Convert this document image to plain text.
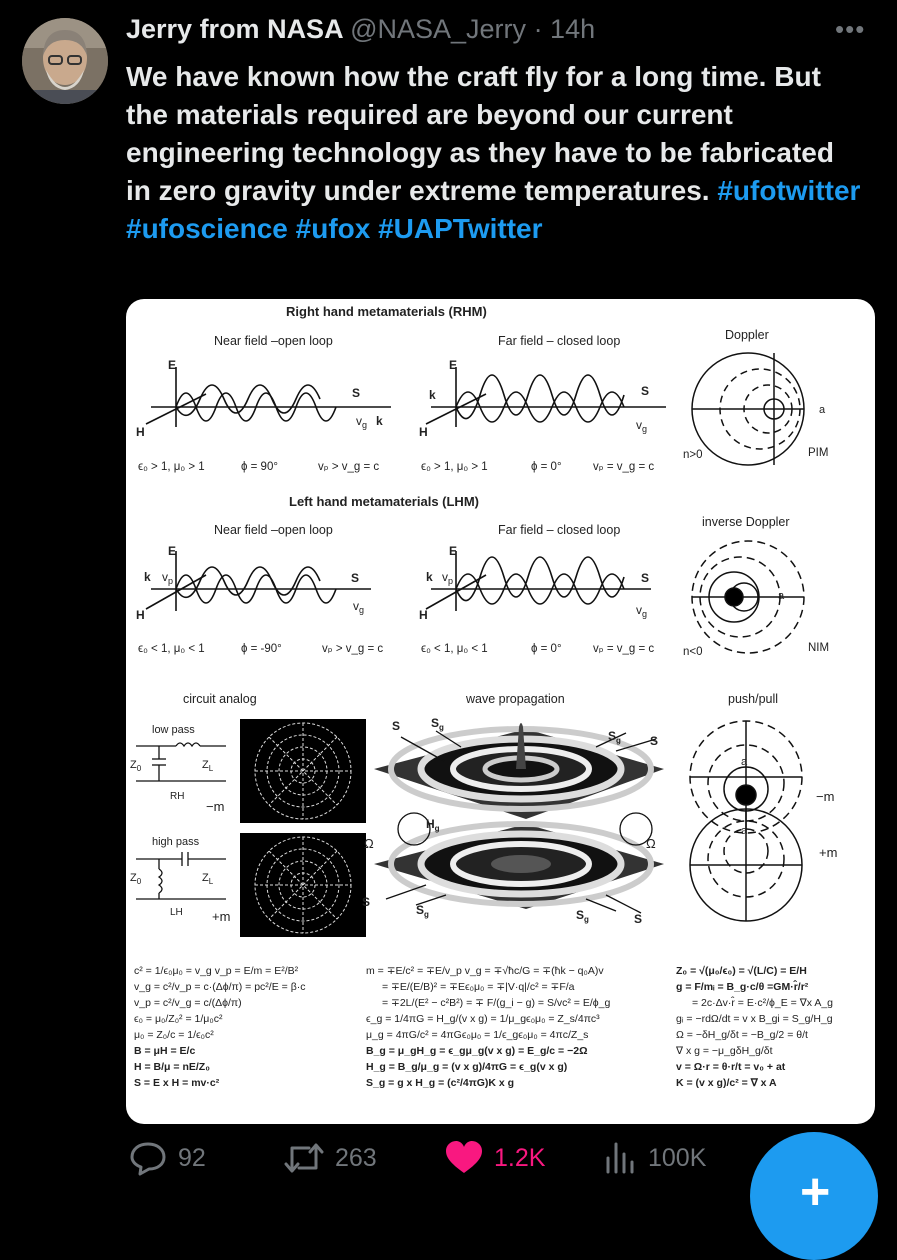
Jerry from NASA @NASA_Jerry · 14h	•••
We have known how the craft fly for a long time. But the materials required are beyond our current engineering technology as they have to be fabricated in zero gravity under extreme temperatures. #ufotwitter #ufoscience #ufox #UAPTwitter
Right hand metamaterials (RHM)
Near field –open loop
E
H
S
$v_g$ k
ϵ₀ > 1, μ₀ > 1	ϕ = 90°	vₚ > v_g = c
Far field – closed loop
E
k
H
S
$v_g$
ϵ₀ > 1, μ₀ > 1	ϕ = 0°	vₚ = v_g = c
Doppler
a
n>0	PIM
Left hand metamaterials (LHM)
Near field –open loop
E
k $v_p$
H
S
$v_g$
ϵ₀ < 1, μ₀ < 1	ϕ = -90°	vₚ > v_g = c
Far field – closed loop
E
k $v_p$
H
S
$v_g$
ϵ₀ < 1, μ₀ < 1	ϕ = 0°	vₚ = v_g = c
inverse Doppler
a
n<0	NIM
circuit analog
low pass
$Z_0$	$Z_L$
RH
−m
high pass
$Z_0$	$Z_L$
LH +m
wave propagation
S	$S_g$
$S_g$ S
$H_g$
Ω	Ω
S
$S_g$	$S_g$	S
push/pull
a
a
−m
+m
c² = 1/ϵ₀μ₀ = v_g v_p = E/m = E²/B²
v_g = c²/v_p = c·(Δϕ/π) = pc²/E = β·c
v_p = c²/v_g = c/(Δϕ/π)
ϵ₀ = μ₀/Z₀² = 1/μ₀c²
μ₀ = Z₀/c = 1/ϵ₀c²
B = μH = E/c
H = B/μ = nE/Z₀
S = E x H = mv·c²
m = ∓E/c² = ∓E/v_p v_g = ∓√ħc/G = ∓(ħk − q₀A)v
= ∓E/(E/B)² = ∓Eϵ₀μ₀ = ∓|V·q|/c² = ∓F/a
= ∓2L/(E² − c²B²) = ∓ F/(g_i − g) = S/vc² = E/ϕ_g
ϵ_g = 1/4πG = H_g/(v x g) = 1/μ_gϵ₀μ₀ = Z_s/4πc³
μ_g = 4πG/c² = 4πGϵ₀μ₀ = 1/ϵ_gϵ₀μ₀ = 4πc/Z_s
B_g = μ_gH_g = ϵ_gμ_g(v x g) = E_g/c = −2Ω
H_g = B_g/μ_g = (v x g)/4πG = ϵ_g(v x g)
S_g = g x H_g = (c²/4πG)K x g
Z₀ = √(μ₀/ϵ₀) = √(L/C) = E/H
g = F/mᵢ = B_g·c/θ =GM·r̂/r²
= 2c·Δv·r̂ = E·c²/ϕ_E = ∇x A_g
gᵢ = −rdΩ/dt = v x B_gi = S_g/H_g
Ω = −δH_g/δt = −B_g/2 = θ/t
∇ x g = −μ_gδH_g/δt
v = Ω·r = θ·r/t = v₀ + at
K = (v x g)/c² = ∇ x A
92	263	1.2K	100K
+
